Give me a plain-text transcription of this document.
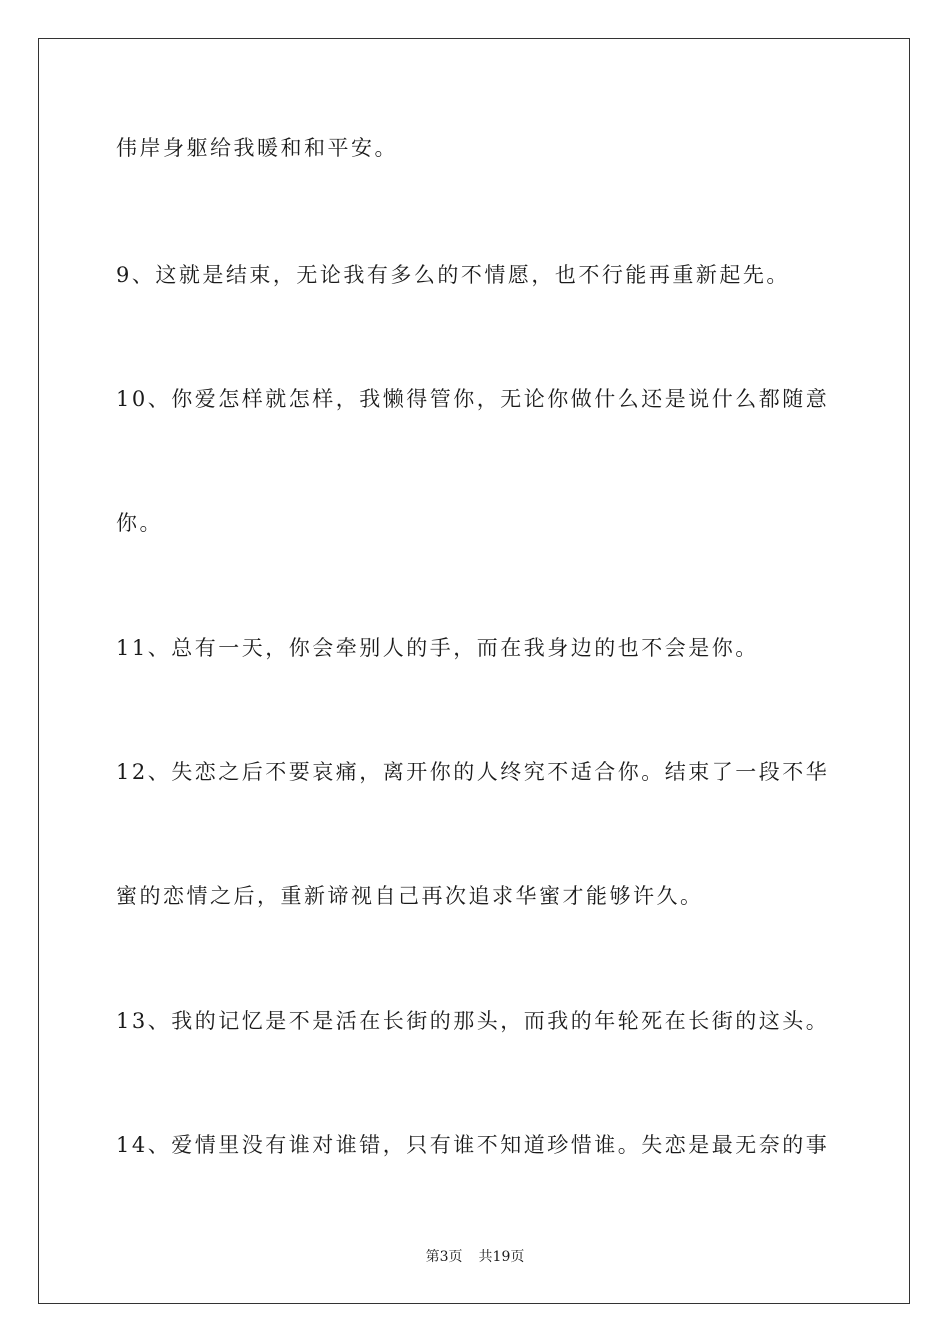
伟岸身躯给我暖和和平安。
9、这就是结束，无论我有多么的不情愿，也不行能再重新起先。
10、你爱怎样就怎样，我懒得管你，无论你做什么还是说什么都随意
你。
11、总有一天，你会牵别人的手，而在我身边的也不会是你。
12、失恋之后不要哀痛，离开你的人终究不适合你。结束了一段不华
蜜的恋情之后，重新谛视自己再次追求华蜜才能够许久。
13、我的记忆是不是活在长街的那头，而我的年轮死在长街的这头。
14、爱情里没有谁对谁错，只有谁不知道珍惜谁。失恋是最无奈的事
第3页 共19页
